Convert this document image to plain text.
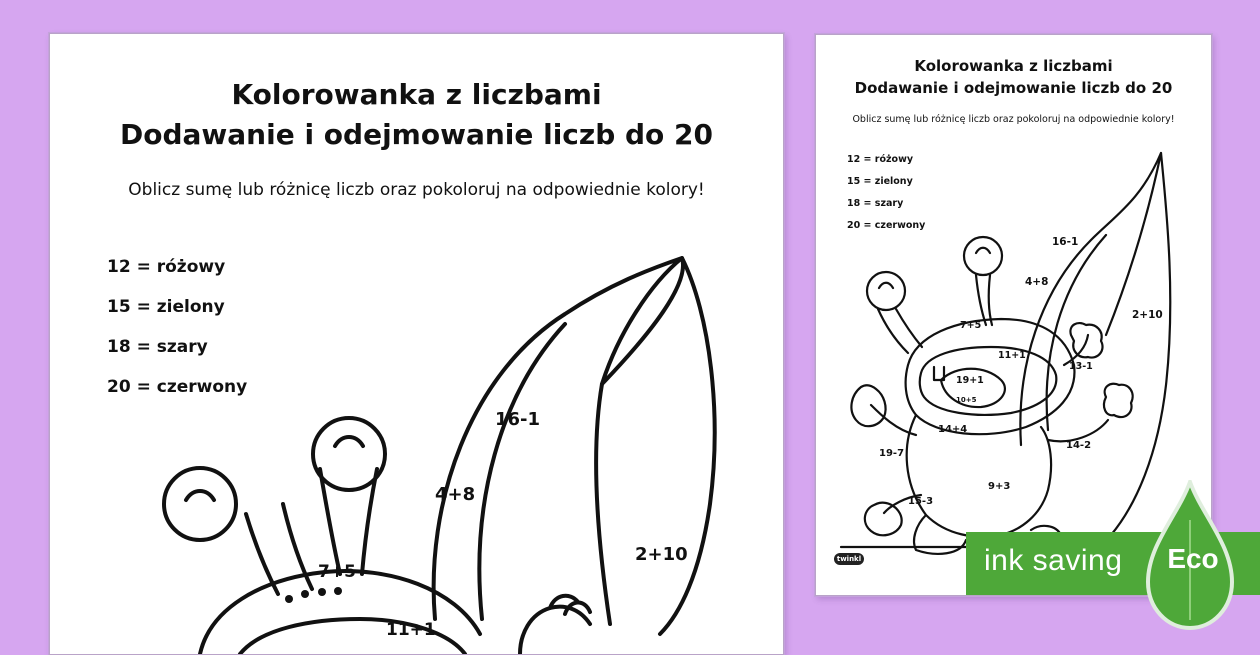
Kolorowanka z liczbami
Dodawanie i odejmowanie liczb do 20
Oblicz sumę lub różnicę liczb oraz pokoloruj na odpowiednie kolory!
12 = różowy
15 = zielony
18 = szary
20 = czerwony
16-1
4+8
2+10
7+5
11+1
Kolorowanka z liczbami
Dodawanie i odejmowanie liczb do 20
Oblicz sumę lub różnicę liczb oraz pokoloruj na odpowiednie kolory!
12 = różowy
15 = zielony
18 = szary
20 = czerwony
16-1
4+8
2+10
7+5
11+1
13-1
19+1
10+5
14+4
14-2
19-7
9+3
15-3
twinkl	ink saving	Eco
